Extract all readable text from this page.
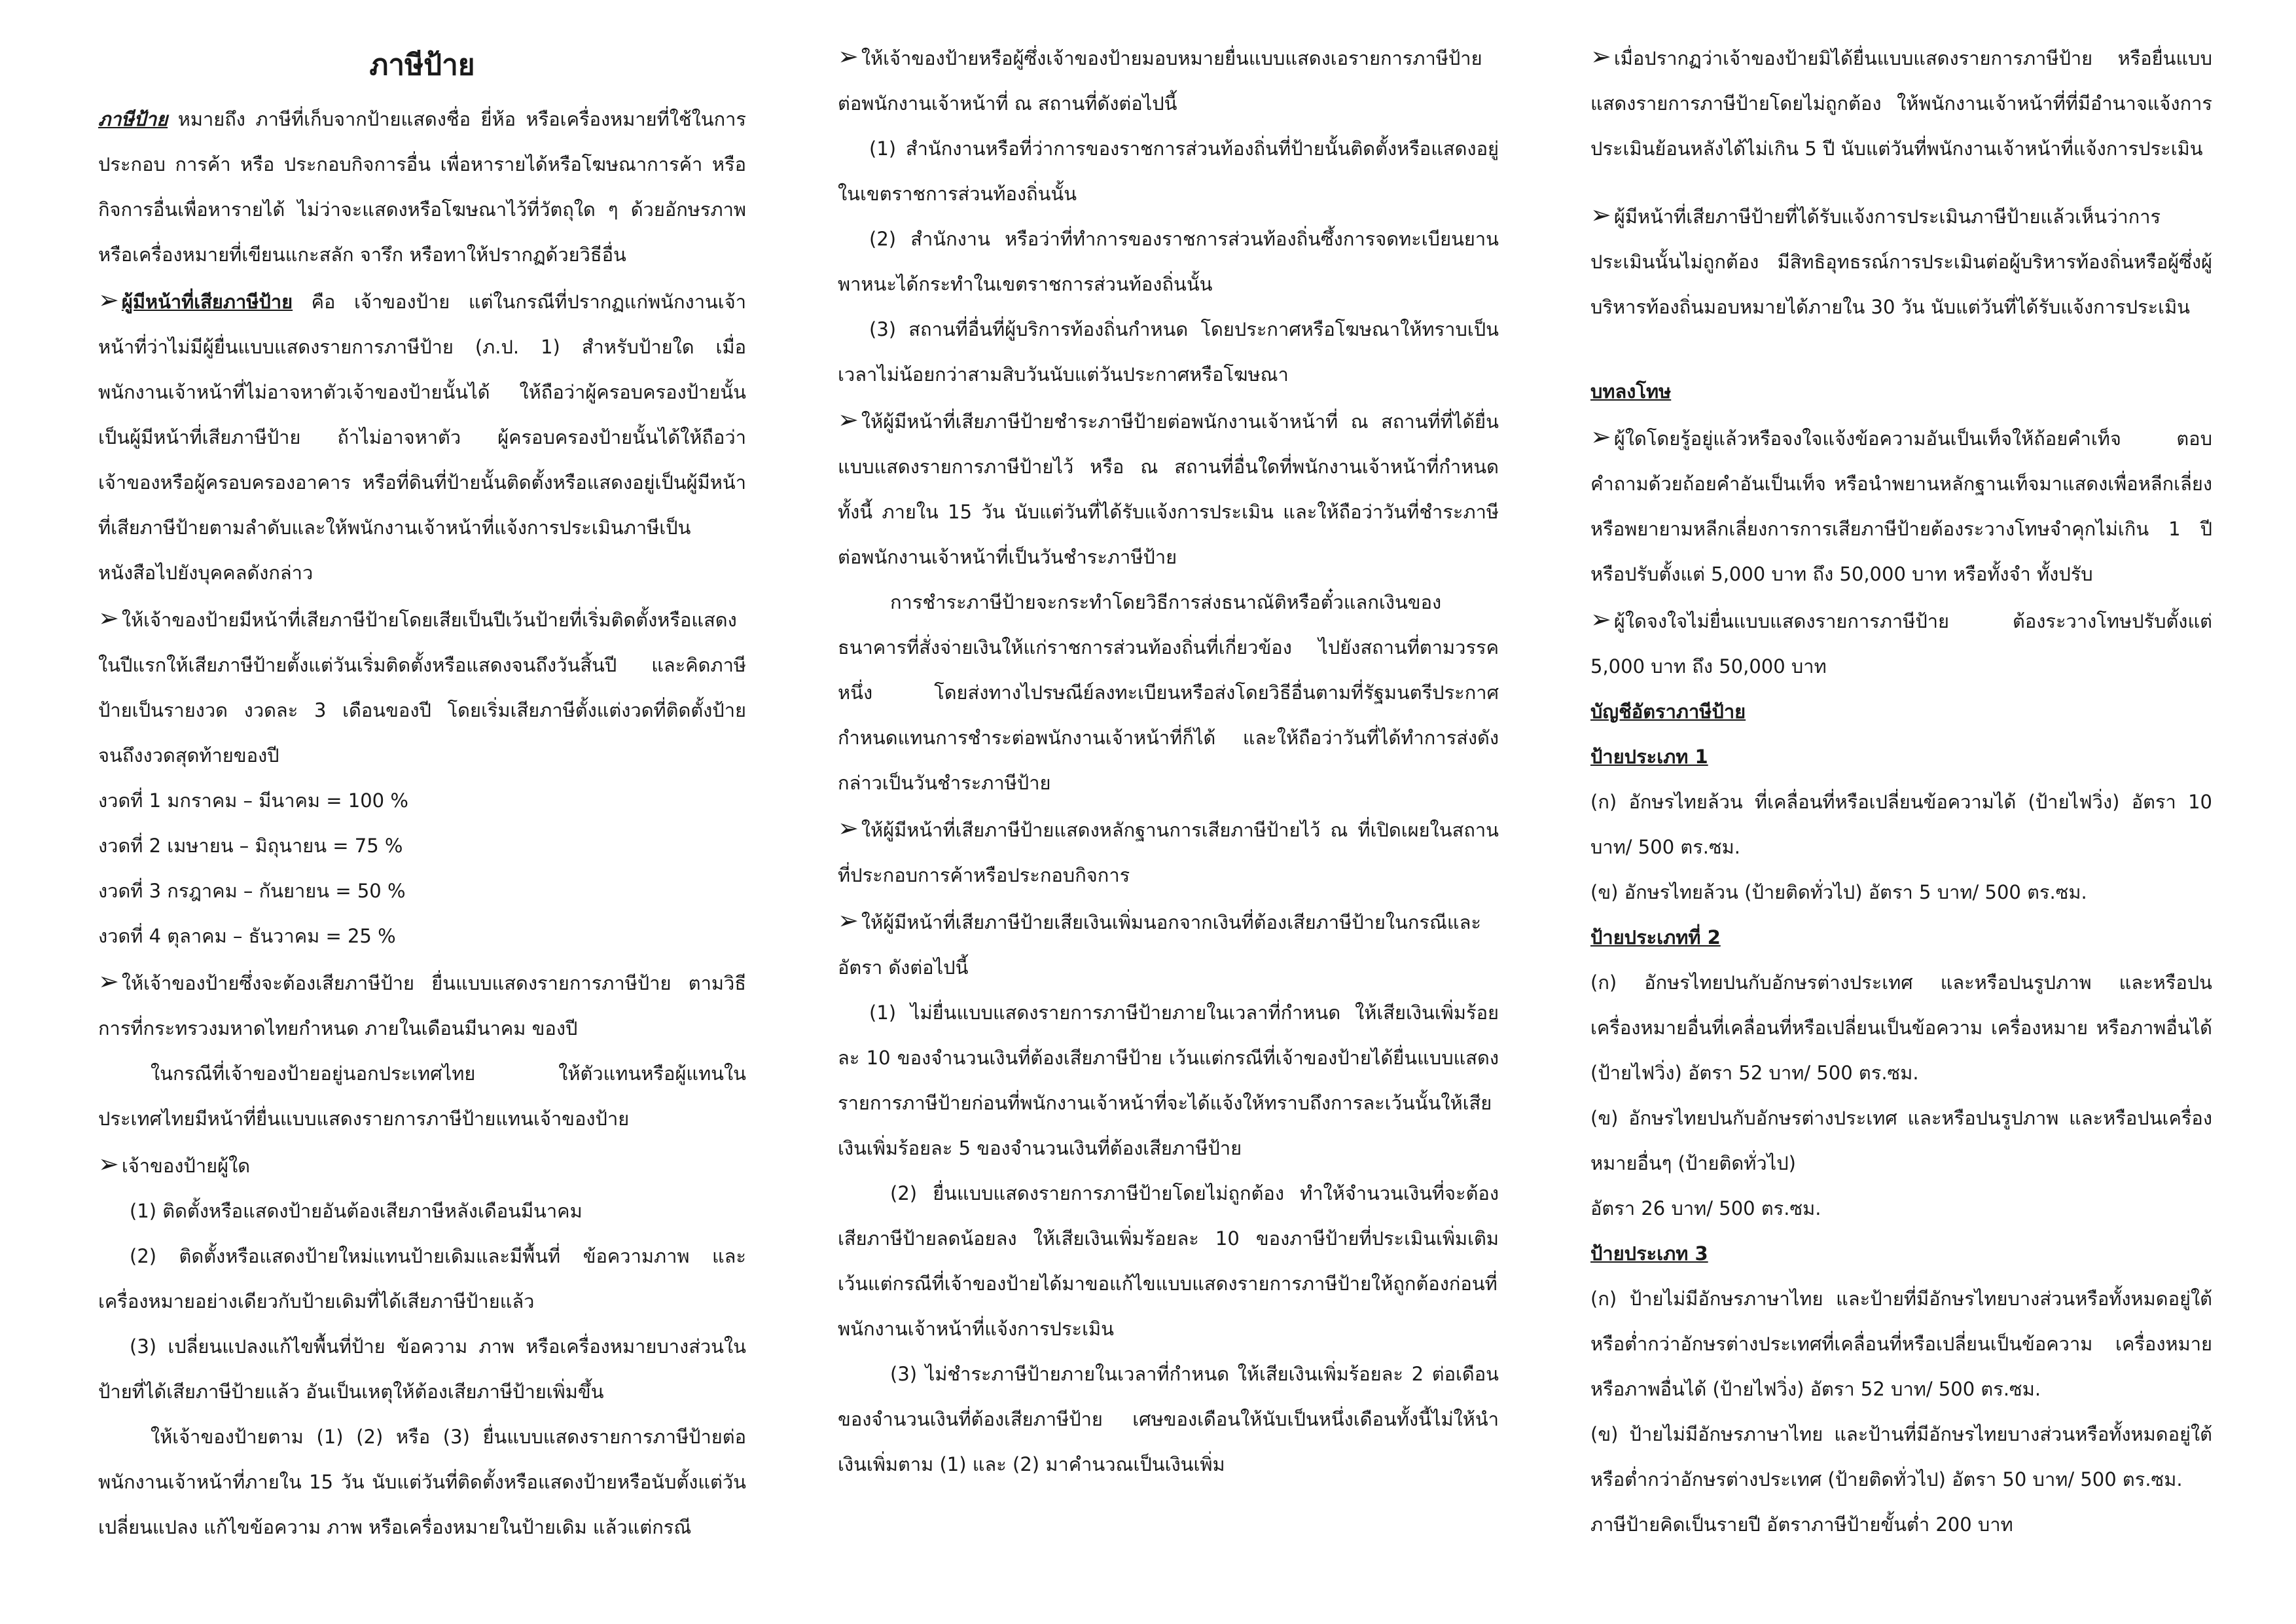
ภาษีป้าย

ภาษีป้าย หมายถึง ภาษีที่เก็บจากป้ายแสดงชื่อ ยี่ห้อ หรือเครื่องหมายที่ใช้ในการประกอบ การค้า หรือ ประกอบกิจการอื่น เพื่อหารายได้หรือโฆษณาการค้า หรือกิจการอื่นเพื่อหารายได้ ไม่ว่าจะแสดงหรือโฆษณาไว้ที่วัตถุใด ๆ ด้วยอักษรภาพหรือเครื่องหมายที่เขียนแกะสลัก จารึก หรือทาให้ปรากฏด้วยวิธีอื่น

➢ ผู้มีหน้าที่เสียภาษีป้าย คือ เจ้าของป้าย แต่ในกรณีที่ปรากฏแก่พนักงานเจ้าหน้าที่ว่าไม่มีผู้ยื่นแบบแสดงรายการภาษีป้าย (ภ.ป. 1) สำหรับป้ายใด เมื่อพนักงานเจ้าหน้าที่ไม่อาจหาตัวเจ้าของป้ายนั้นได้ ให้ถือว่าผู้ครอบครองป้ายนั้นเป็นผู้มีหน้าที่เสียภาษีป้าย ถ้าไม่อาจหาตัว ผู้ครอบครองป้ายนั้นได้ให้ถือว่าเจ้าของหรือผู้ครอบครองอาคาร หรือที่ดินที่ป้ายนั้นติดตั้งหรือแสดงอยู่เป็นผู้มีหน้าที่เสียภาษีป้ายตามลำดับและให้พนักงานเจ้าหน้าที่แจ้งการประเมินภาษีเป็นหนังสือไปยังบุคคลดังกล่าว

➢ ให้เจ้าของป้ายมีหน้าที่เสียภาษีป้ายโดยเสียเป็นปีเว้นป้ายที่เริ่มติดตั้งหรือแสดงในปีแรกให้เสียภาษีป้ายตั้งแต่วันเริ่มติดตั้งหรือแสดงจนถึงวันสิ้นปี และคิดภาษีป้ายเป็นรายงวด งวดละ 3 เดือนของปี โดยเริ่มเสียภาษีตั้งแต่งวดที่ติดตั้งป้ายจนถึงงวดสุดท้ายของปี

งวดที่ 1 มกราคม – มีนาคม = 100 %

งวดที่ 2 เมษายน – มิถุนายน = 75 %

งวดที่ 3 กรฎาคม – กันยายน = 50 %

งวดที่ 4 ตุลาคม – ธันวาคม = 25 %

➢ ให้เจ้าของป้ายซึ่งจะต้องเสียภาษีป้าย ยื่นแบบแสดงรายการภาษีป้าย ตามวิธีการที่กระทรวงมหาดไทยกำหนด ภายในเดือนมีนาคม ของปี

ในกรณีที่เจ้าของป้ายอยู่นอกประเทศไทย ให้ตัวแทนหรือผู้แทนในประเทศไทยมีหน้าที่ยื่นแบบแสดงรายการภาษีป้ายแทนเจ้าของป้าย

➢ เจ้าของป้ายผู้ใด

(1) ติดตั้งหรือแสดงป้ายอันต้องเสียภาษีหลังเดือนมีนาคม

(2) ติดตั้งหรือแสดงป้ายใหม่แทนป้ายเดิมและมีพื้นที่ ข้อความภาพ และเครื่องหมายอย่างเดียวกับป้ายเดิมที่ได้เสียภาษีป้ายแล้ว

(3) เปลี่ยนแปลงแก้ไขพื้นที่ป้าย ข้อความ ภาพ หรือเครื่องหมายบางส่วนในป้ายที่ได้เสียภาษีป้ายแล้ว อันเป็นเหตุให้ต้องเสียภาษีป้ายเพิ่มขึ้น

ให้เจ้าของป้ายตาม (1) (2) หรือ (3) ยื่นแบบแสดงรายการภาษีป้ายต่อพนักงานเจ้าหน้าที่ภายใน 15 วัน นับแต่วันที่ติดตั้งหรือแสดงป้ายหรือนับตั้งแต่วันเปลี่ยนแปลง แก้ไขข้อความ ภาพ หรือเครื่องหมายในป้ายเดิม แล้วแต่กรณี

➢ ให้เจ้าของป้ายหรือผู้ซึ่งเจ้าของป้ายมอบหมายยื่นแบบแสดงเอรายการภาษีป้ายต่อพนักงานเจ้าหน้าที่ ณ สถานที่ดังต่อไปนี้

(1) สำนักงานหรือที่ว่าการของราชการส่วนท้องถิ่นที่ป้ายนั้นติดตั้งหรือแสดงอยู่ในเขตราชการส่วนท้องถิ่นนั้น

(2) สำนักงาน หรือว่าที่ทำการของราชการส่วนท้องถิ่นซึ้งการจดทะเบียนยานพาหนะได้กระทำในเขตราชการส่วนท้องถิ่นนั้น

(3) สถานที่อื่นที่ผู้บริการท้องถิ่นกำหนด โดยประกาศหรือโฆษณาให้ทราบเป็นเวลาไม่น้อยกว่าสามสิบวันนับแต่วันประกาศหรือโฆษณา

➢ ให้ผู้มีหน้าที่เสียภาษีป้ายชำระภาษีป้ายต่อพนักงานเจ้าหน้าที่ ณ สถานที่ที่ได้ยื่นแบบแสดงรายการภาษีป้ายไว้ หรือ ณ สถานที่อื่นใดที่พนักงานเจ้าหน้าที่กำหนดทั้งนี้ ภายใน 15 วัน นับแต่วันที่ได้รับแจ้งการประเมิน และให้ถือว่าวันที่ชำระภาษีต่อพนักงานเจ้าหน้าที่เป็นวันชำระภาษีป้าย

การชำระภาษีป้ายจะกระทำโดยวิธีการส่งธนาณัติหรือตั๋วแลกเงินของธนาคารที่สั่งจ่ายเงินให้แก่ราชการส่วนท้องถิ่นที่เกี่ยวข้อง ไปยังสถานที่ตามวรรคหนึ่ง โดยส่งทางไปรษณีย์ลงทะเบียนหรือส่งโดยวิธีอื่นตามที่รัฐมนตรีประกาศกำหนดแทนการชำระต่อพนักงานเจ้าหน้าที่ก็ได้ และให้ถือว่าวันที่ได้ทำการส่งดังกล่าวเป็นวันชำระภาษีป้าย

➢ ให้ผู้มีหน้าที่เสียภาษีป้ายแสดงหลักฐานการเสียภาษีป้ายไว้ ณ ที่เปิดเผยในสถานที่ประกอบการค้าหรือประกอบกิจการ

➢ ให้ผู้มีหน้าที่เสียภาษีป้ายเสียเงินเพิ่มนอกจากเงินที่ต้องเสียภาษีป้ายในกรณีและอัตรา ดังต่อไปนี้

(1) ไม่ยื่นแบบแสดงรายการภาษีป้ายภายในเวลาที่กำหนด ให้เสียเงินเพิ่มร้อยละ 10 ของจำนวนเงินที่ต้องเสียภาษีป้าย เว้นแต่กรณีที่เจ้าของป้ายได้ยื่นแบบแสดงรายการภาษีป้ายก่อนที่พนักงานเจ้าหน้าที่จะได้แจ้งให้ทราบถึงการละเว้นนั้นให้เสียเงินเพิ่มร้อยละ 5 ของจำนวนเงินที่ต้องเสียภาษีป้าย

(2) ยื่นแบบแสดงรายการภาษีป้ายโดยไม่ถูกต้อง ทำให้จำนวนเงินที่จะต้องเสียภาษีป้ายลดน้อยลง ให้เสียเงินเพิ่มร้อยละ 10 ของภาษีป้ายที่ประเมินเพิ่มเติม เว้นแต่กรณีที่เจ้าของป้ายได้มาขอแก้ไขแบบแสดงรายการภาษีป้ายให้ถูกต้องก่อนที่พนักงานเจ้าหน้าที่แจ้งการประเมิน

(3) ไม่ชำระภาษีป้ายภายในเวลาที่กำหนด ให้เสียเงินเพิ่มร้อยละ 2 ต่อเดือนของจำนวนเงินที่ต้องเสียภาษีป้าย เศษของเดือนให้นับเป็นหนึ่งเดือนทั้งนี้ไม่ให้นำเงินเพิ่มตาม (1) และ (2) มาคำนวณเป็นเงินเพิ่ม

➢ เมื่อปรากฏว่าเจ้าของป้ายมิได้ยื่นแบบแสดงรายการภาษีป้าย หรือยื่นแบบแสดงรายการภาษีป้ายโดยไม่ถูกต้อง ให้พนักงานเจ้าหน้าที่ที่มีอำนาจแจ้งการประเมินย้อนหลังได้ไม่เกิน 5 ปี นับแต่วันที่พนักงานเจ้าหน้าที่แจ้งการประเมิน

➢ ผู้มีหน้าที่เสียภาษีป้ายที่ได้รับแจ้งการประเมินภาษีป้ายแล้วเห็นว่าการประเมินนั้นไม่ถูกต้อง มีสิทธิอุทธรณ์การประเมินต่อผู้บริหารท้องถิ่นหรือผู้ซึ่งผู้บริหารท้องถิ่นมอบหมายได้ภายใน 30 วัน นับแต่วันที่ได้รับแจ้งการประเมิน

บทลงโทษ

➢ ผู้ใดโดยรู้อยู่แล้วหรือจงใจแจ้งข้อความอันเป็นเท็จให้ถ้อยคำเท็จ ตอบคำถามด้วยถ้อยคำอันเป็นเท็จ หรือนำพยานหลักฐานเท็จมาแสดงเพื่อหลีกเลี่ยงหรือพยายามหลีกเลี่ยงการการเสียภาษีป้ายต้องระวางโทษจำคุกไม่เกิน 1 ปี หรือปรับตั้งแต่ 5,000 บาท ถึง 50,000 บาท หรือทั้งจำ ทั้งปรับ

➢ ผู้ใดจงใจไม่ยื่นแบบแสดงรายการภาษีป้าย ต้องระวางโทษปรับตั้งแต่ 5,000 บาท ถึง 50,000 บาท

บัญชีอัตราภาษีป้าย

ป้ายประเภท 1

(ก) อักษรไทยล้วน ที่เคลื่อนที่หรือเปลี่ยนข้อความได้ (ป้ายไฟวิ่ง) อัตรา 10 บาท/ 500 ตร.ซม.

(ข) อักษรไทยล้วน (ป้ายติดทั่วไป) อัตรา 5 บาท/ 500 ตร.ซม.

ป้ายประเภทที่ 2

(ก) อักษรไทยปนกับอักษรต่างประเทศ และหรือปนรูปภาพ และหรือปนเครื่องหมายอื่นที่เคลื่อนที่หรือเปลี่ยนเป็นข้อความ เครื่องหมาย หรือภาพอื่นได้ (ป้ายไฟวิ่ง) อัตรา 52 บาท/ 500 ตร.ซม.

(ข) อักษรไทยปนกับอักษรต่างประเทศ และหรือปนรูปภาพ และหรือปนเครื่องหมายอื่นๆ (ป้ายติดทั่วไป)

อัตรา 26 บาท/ 500 ตร.ซม.

ป้ายประเภท 3

(ก) ป้ายไม่มีอักษรภาษาไทย และป้ายที่มีอักษรไทยบางส่วนหรือทั้งหมดอยู่ใต้หรือต่ำกว่าอักษรต่างประเทศที่เคลื่อนที่หรือเปลี่ยนเป็นข้อความ เครื่องหมาย หรือภาพอื่นได้ (ป้ายไฟวิ่ง) อัตรา 52 บาท/ 500 ตร.ซม.

(ข) ป้ายไม่มีอักษรภาษาไทย และป้านที่มีอักษรไทยบางส่วนหรือทั้งหมดอยู่ใต้หรือต่ำกว่าอักษรต่างประเทศ (ป้ายติดทั่วไป) อัตรา 50 บาท/ 500 ตร.ซม.

ภาษีป้ายคิดเป็นรายปี อัตราภาษีป้ายขั้นต่ำ 200 บาท
